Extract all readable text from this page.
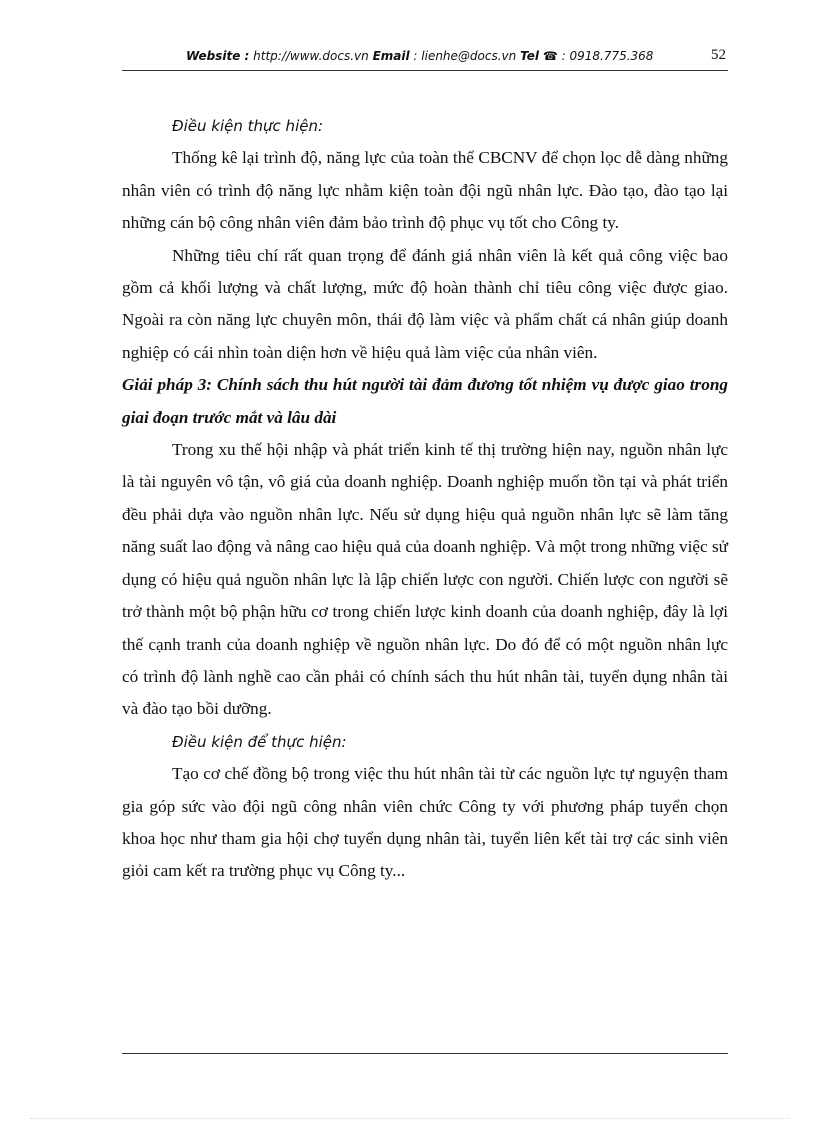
Website : http://www.docs.vn Email : lienhe@docs.vn Tel ☎ : 0918.775.368	52

Điều kiện thực hiện:

Thống kê lại trình độ, năng lực của toàn thể CBCNV để chọn lọc dễ dàng những nhân viên có trình độ năng lực nhằm kiện toàn đội ngũ nhân lực. Đào tạo, đào tạo lại những cán bộ công nhân viên đảm bảo trình độ phục vụ tốt cho Công ty.

Những tiêu chí rất quan trọng để đánh giá nhân viên là kết quả công việc bao gồm cả khối lượng và chất lượng, mức độ hoàn thành chỉ tiêu công việc được giao. Ngoài ra còn năng lực chuyên môn, thái độ làm việc và phẩm chất cá nhân giúp doanh nghiệp có cái nhìn toàn diện hơn về hiệu quả làm việc của nhân viên.

Giải pháp 3: Chính sách thu hút người tài đảm đương tốt nhiệm vụ được giao trong giai đoạn trước mắt và lâu dài

Trong xu thế hội nhập và phát triển kinh tế thị trường hiện nay, nguồn nhân lực là tài nguyên vô tận, vô giá của doanh nghiệp. Doanh nghiệp muốn tồn tại và phát triển đều phải dựa vào nguồn nhân lực. Nếu sử dụng hiệu quả nguồn nhân lực sẽ làm tăng năng suất lao động và nâng cao hiệu quả của doanh nghiệp. Và một trong những việc sử dụng có hiệu quả nguồn nhân lực là lập chiến lược con người. Chiến lược con người sẽ trở thành một bộ phận hữu cơ trong chiến lược kinh doanh của doanh nghiệp, đây là lợi thế cạnh tranh của doanh nghiệp về nguồn nhân lực. Do đó để có một nguồn nhân lực có trình độ lành nghề cao cần phải có chính sách thu hút nhân tài, tuyển dụng nhân tài và đào tạo bồi dưỡng.

Điều kiện để thực hiện:

Tạo cơ chế đồng bộ trong việc thu hút nhân tài từ các nguồn lực tự nguyện tham gia góp sức vào đội ngũ công nhân viên chức Công ty với phương pháp tuyển chọn khoa học như tham gia hội chợ tuyển dụng nhân tài, tuyển liên kết tài trợ các sinh viên giỏi cam kết ra trường phục vụ Công ty...
